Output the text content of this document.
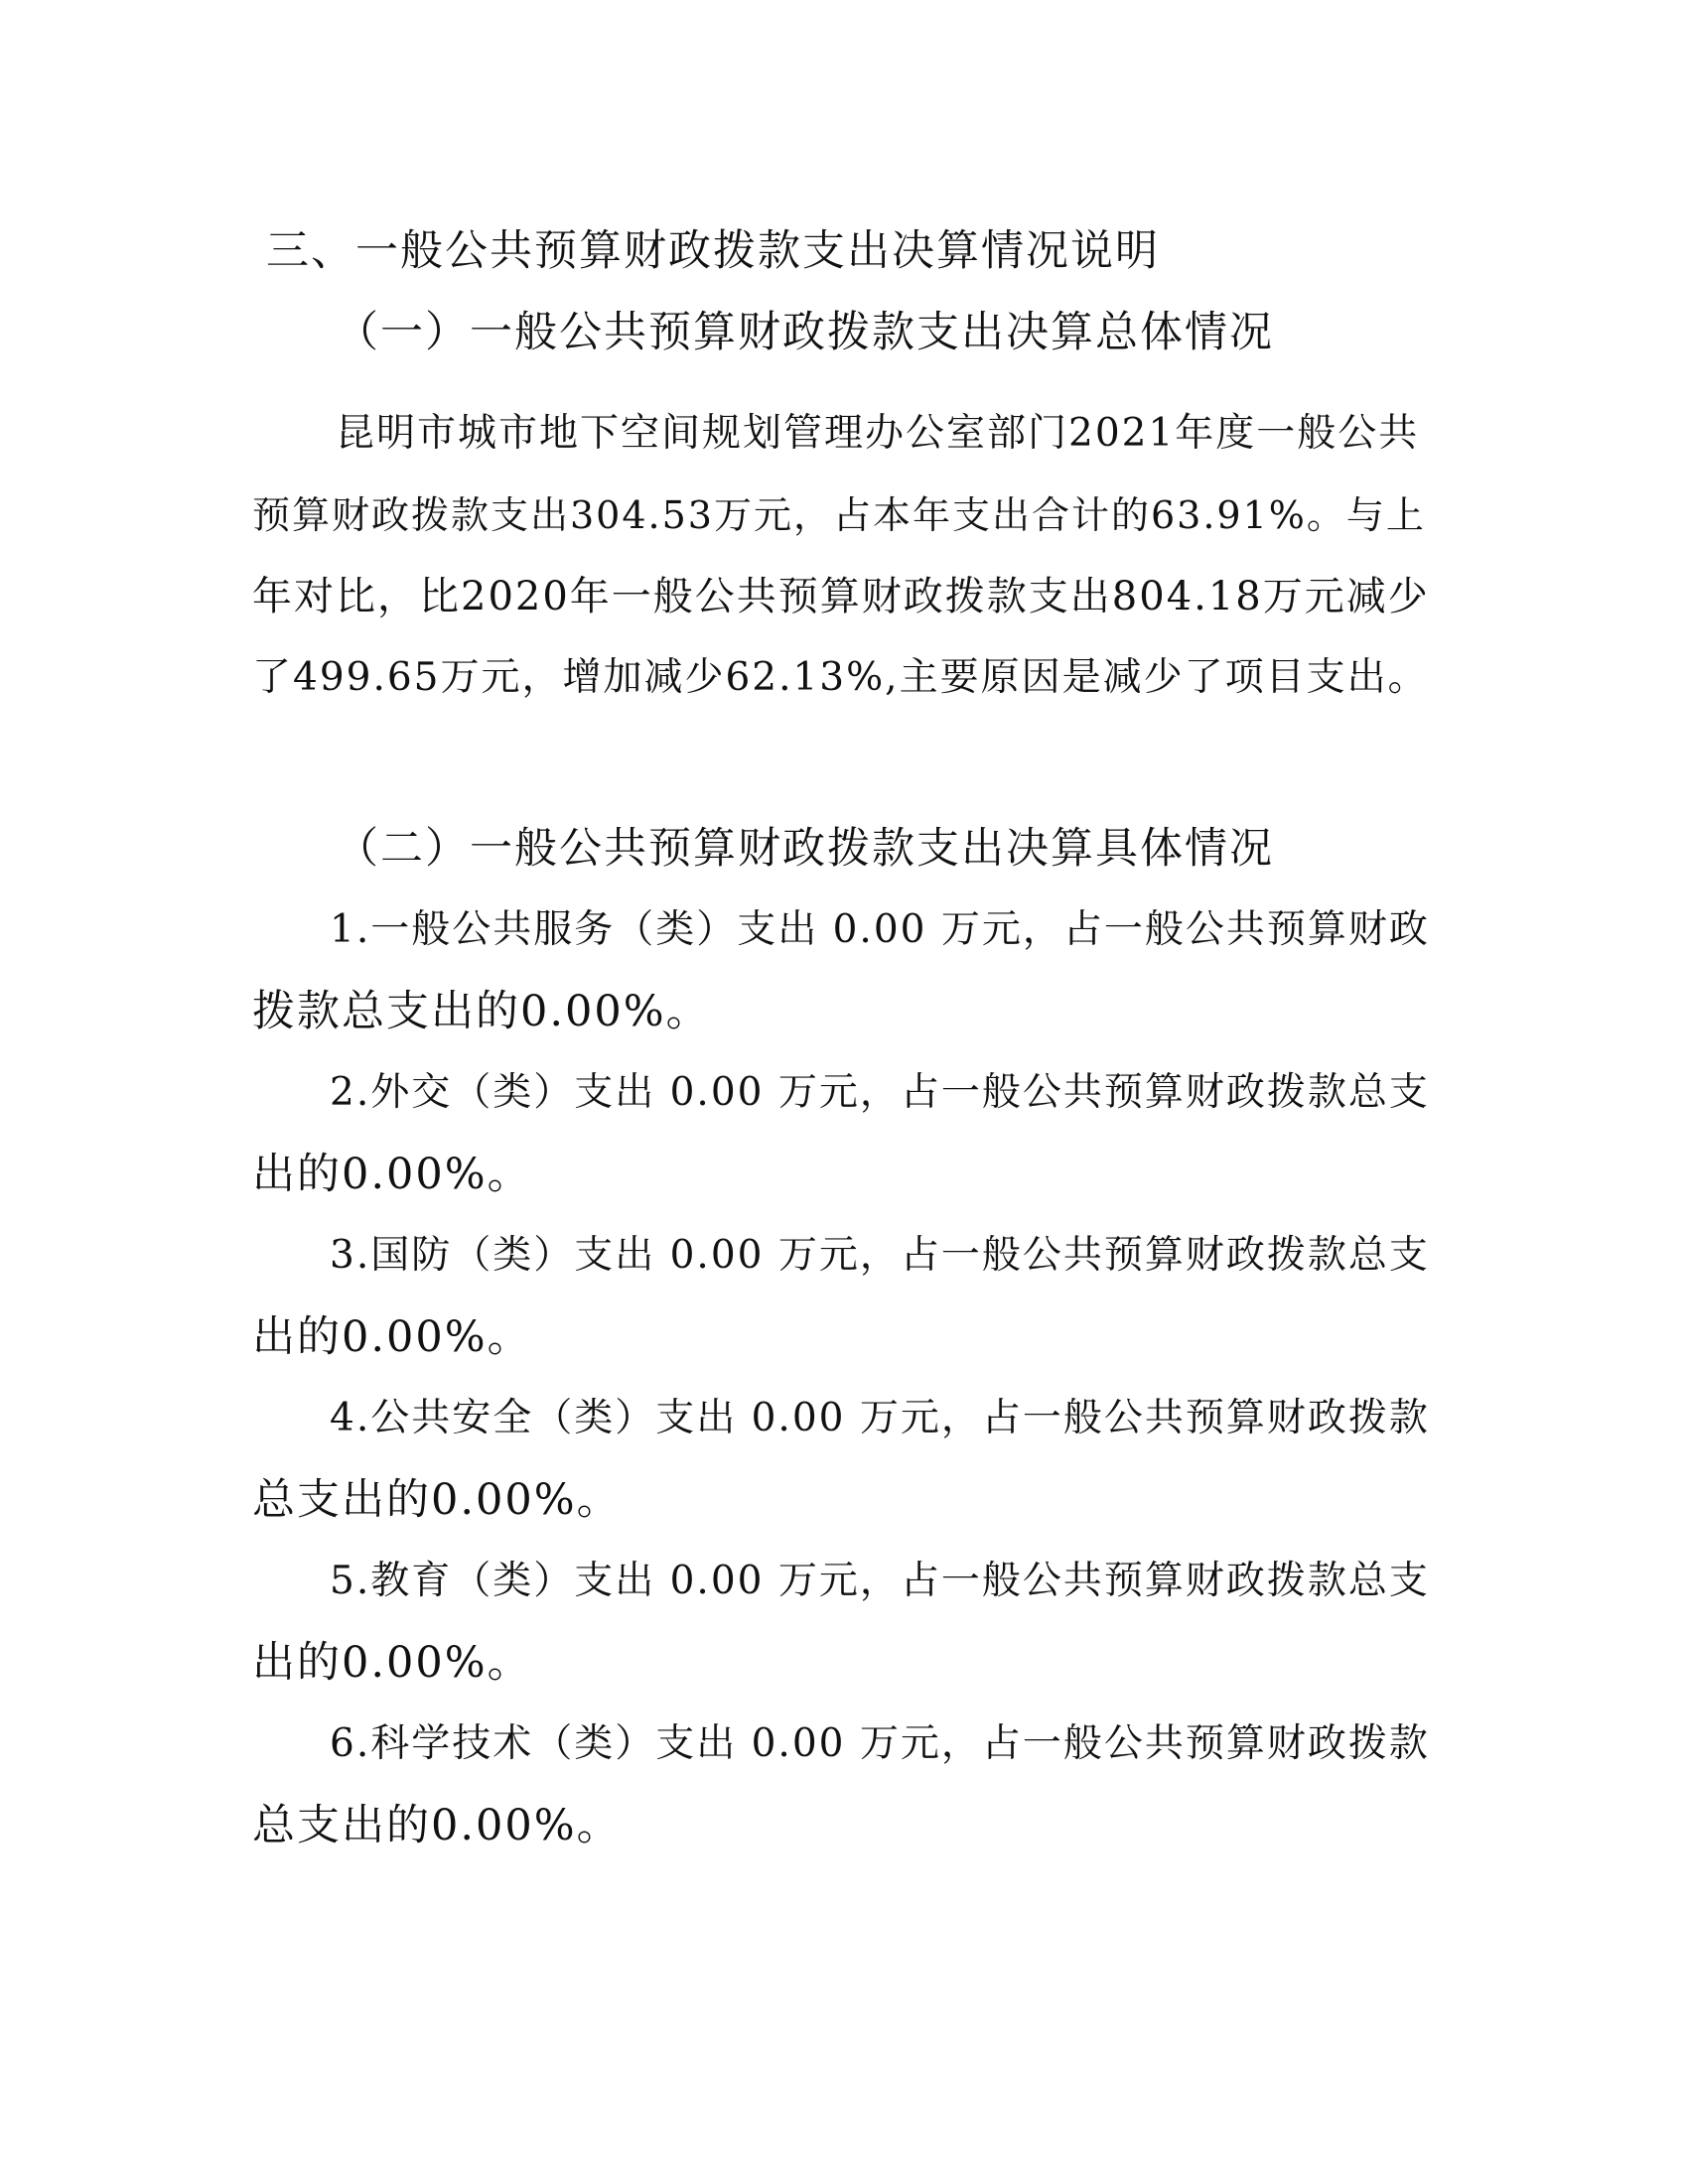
三、一般公共预算财政拨款支出决算情况说明
（一）一般公共预算财政拨款支出决算总体情况
昆明市城市地下空间规划管理办公室部门2021年度一般公共
预算财政拨款支出304.53万元，占本年支出合计的63.91%。与上
年对比，比2020年一般公共预算财政拨款支出804.18万元减少
了499.65万元，增加减少62.13%,主要原因是减少了项目支出。
（二）一般公共预算财政拨款支出决算具体情况
1.一般公共服务（类）支出 0.00 万元，占一般公共预算财政
拨款总支出的0.00%。
2.外交（类）支出 0.00 万元，占一般公共预算财政拨款总支
出的0.00%。
3.国防（类）支出 0.00 万元，占一般公共预算财政拨款总支
出的0.00%。
4.公共安全（类）支出 0.00 万元，占一般公共预算财政拨款
总支出的0.00%。
5.教育（类）支出 0.00 万元，占一般公共预算财政拨款总支
出的0.00%。
6.科学技术（类）支出 0.00 万元，占一般公共预算财政拨款
总支出的0.00%。
